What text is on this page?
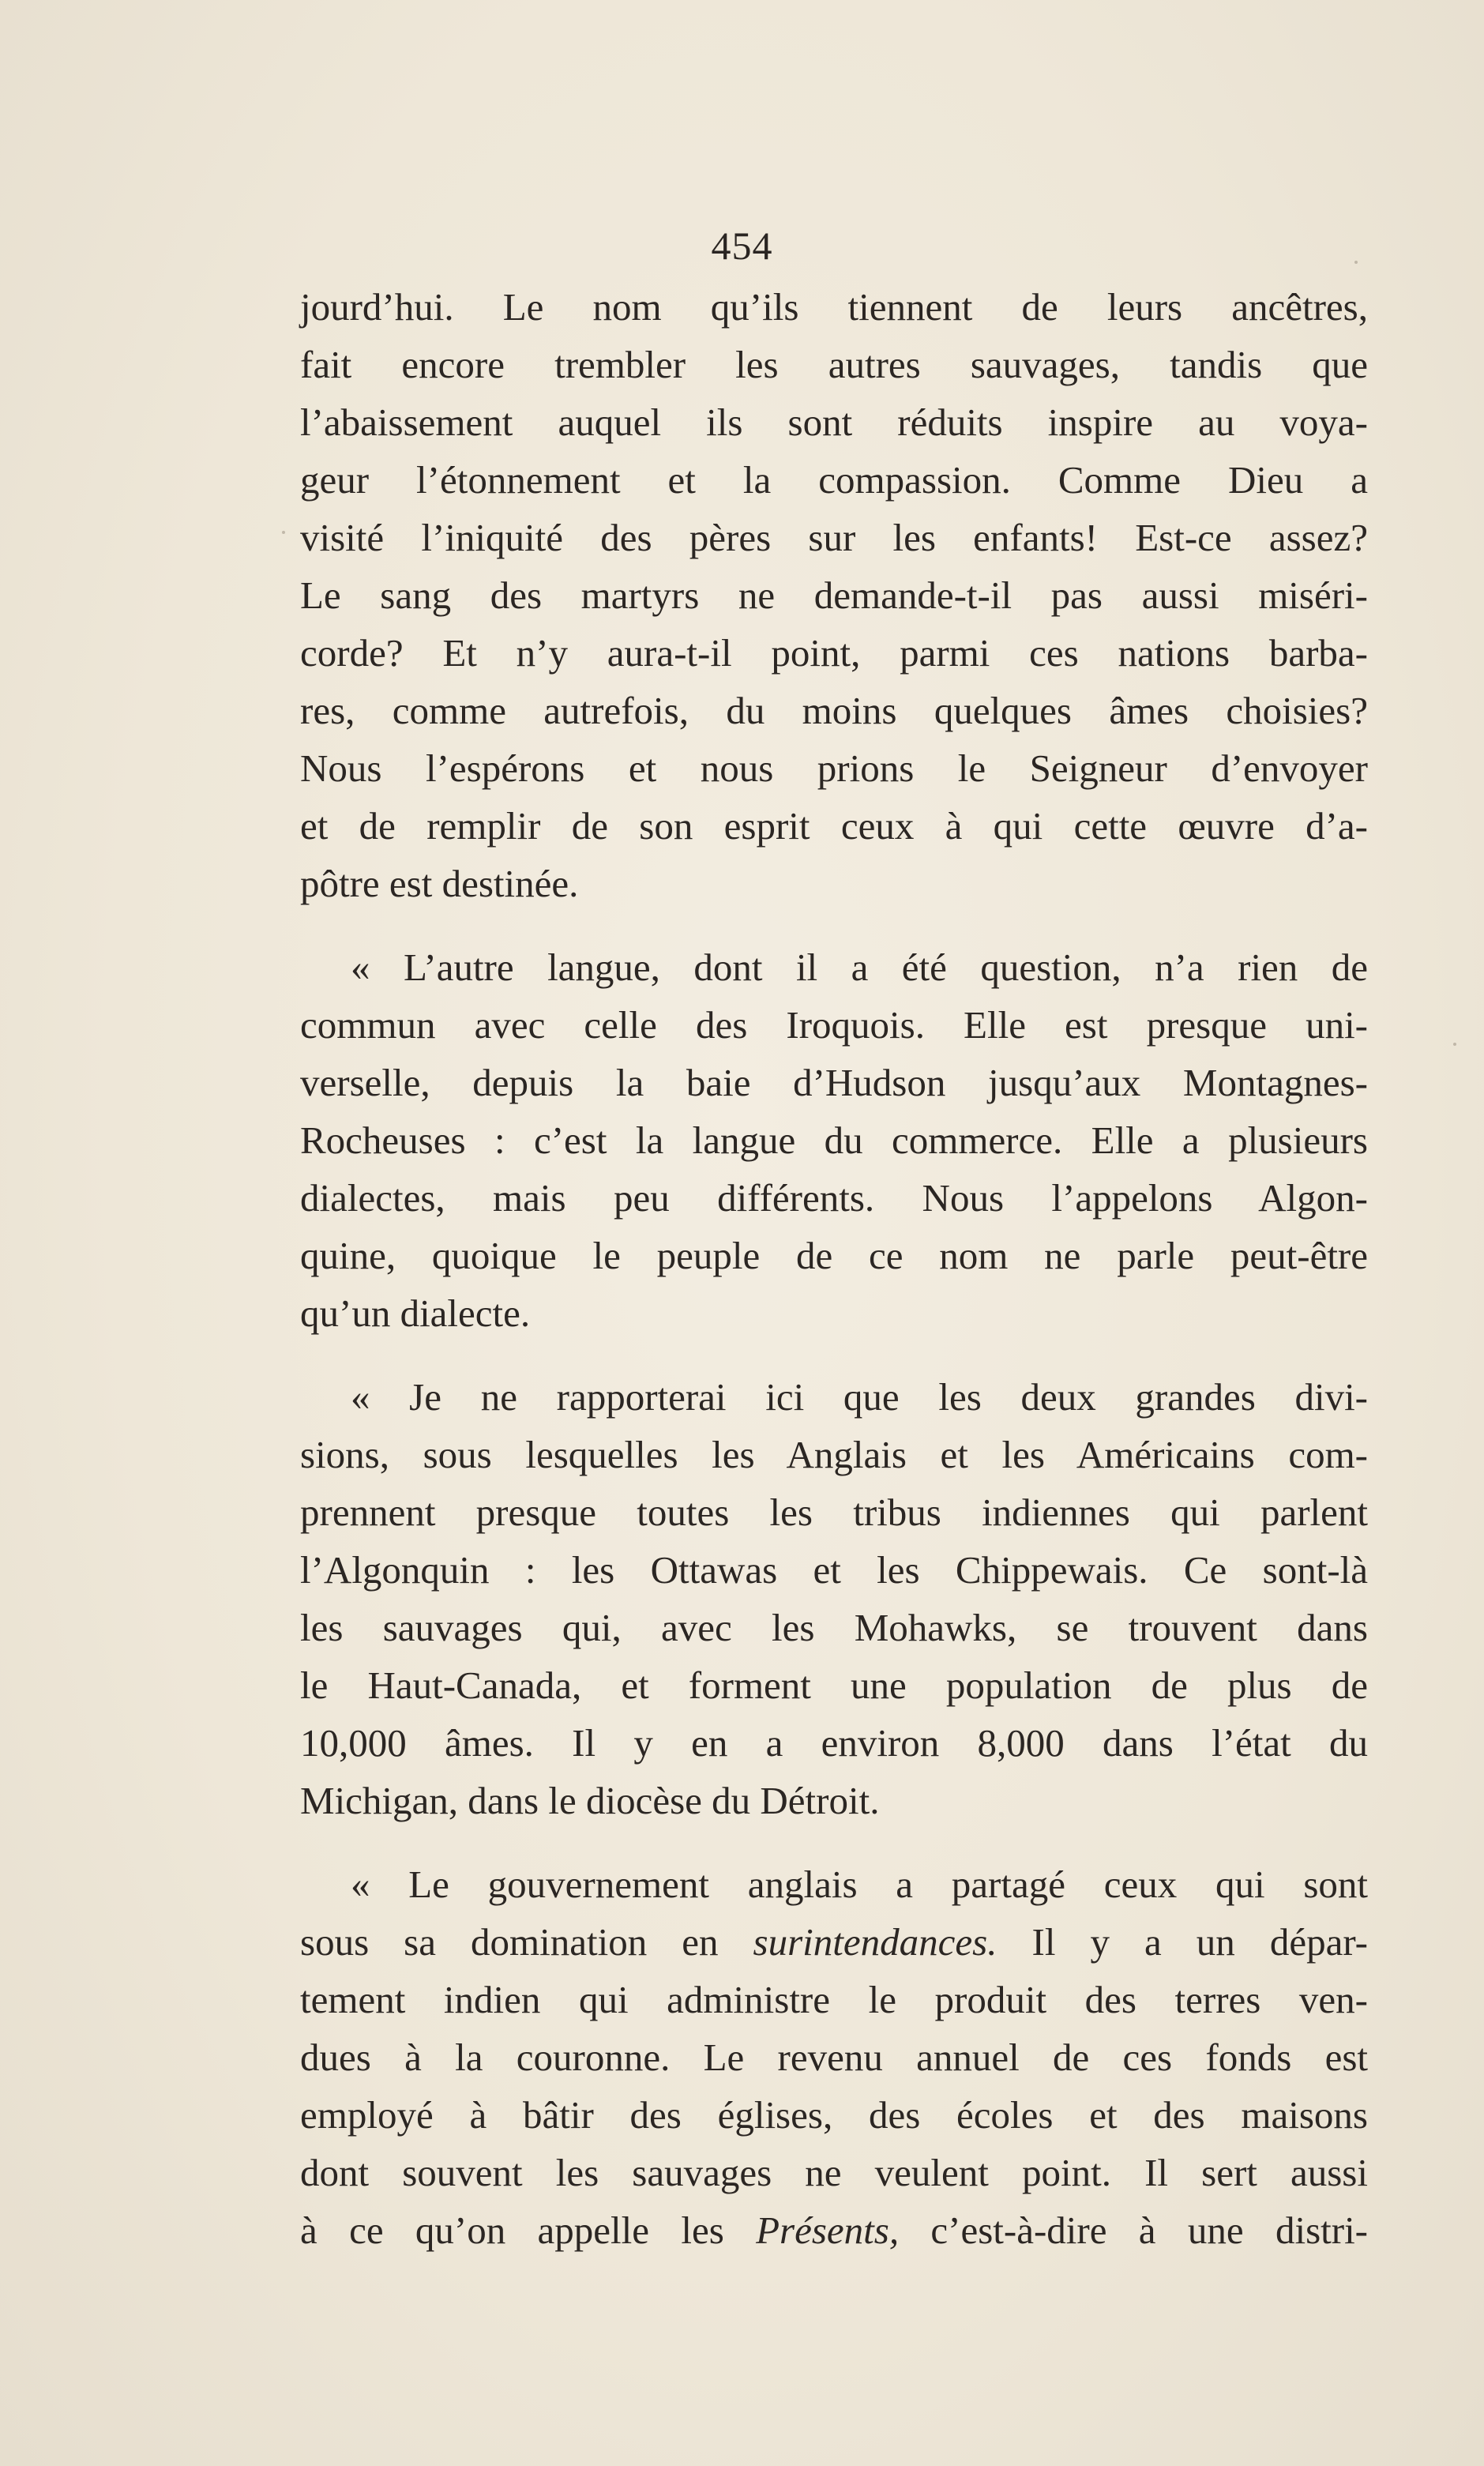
454

jourd’hui. Le nom qu’ils tiennent de leurs ancêtres,
fait encore trembler les autres sauvages, tandis que
l’abaissement auquel ils sont réduits inspire au voya-
geur l’étonnement et la compassion. Comme Dieu a
visité l’iniquité des pères sur les enfants! Est-ce assez?
Le sang des martyrs ne demande-t-il pas aussi miséri-
corde? Et n’y aura-t-il point, parmi ces nations barba-
res, comme autrefois, du moins quelques âmes choisies?
Nous l’espérons et nous prions le Seigneur d’envoyer
et de remplir de son esprit ceux à qui cette œuvre d’a-
pôtre est destinée.

« L’autre langue, dont il a été question, n’a rien de
commun avec celle des Iroquois. Elle est presque uni-
verselle, depuis la baie d’Hudson jusqu’aux Montagnes-
Rocheuses : c’est la langue du commerce. Elle a plusieurs
dialectes, mais peu différents. Nous l’appelons Algon-
quine, quoique le peuple de ce nom ne parle peut-être
qu’un dialecte.

« Je ne rapporterai ici que les deux grandes divi-
sions, sous lesquelles les Anglais et les Américains com-
prennent presque toutes les tribus indiennes qui parlent
l’Algonquin : les Ottawas et les Chippewais. Ce sont-là
les sauvages qui, avec les Mohawks, se trouvent dans
le Haut-Canada, et forment une population de plus de
10,000 âmes. Il y en a environ 8,000 dans l’état du
Michigan, dans le diocèse du Détroit.

« Le gouvernement anglais a partagé ceux qui sont
sous sa domination en surintendances. Il y a un dépar-
tement indien qui administre le produit des terres ven-
dues à la couronne. Le revenu annuel de ces fonds est
employé à bâtir des églises, des écoles et des maisons
dont souvent les sauvages ne veulent point. Il sert aussi
à ce qu’on appelle les Présents, c’est-à-dire à une distri-
